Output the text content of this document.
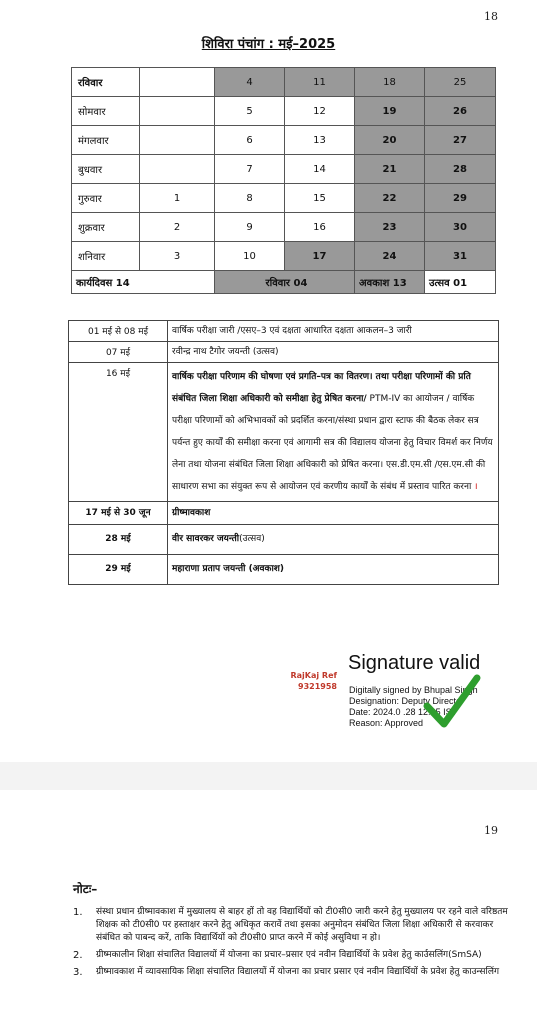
18
शिविरा पंचांग : मई–2025
रविवार		4	11	18	25
सोमवार		5	12	19	26
मंगलवार		6	13	20	27
बुधवार		7	14	21	28
गुरुवार	1	8	15	22	29
शुक्रवार	2	9	16	23	30
शनिवार	3	10	17	24	31
कार्यदिवस 14		रविवार 04		अवकाश 13	उत्सव 01
01 मई से 08 मई	वार्षिक परीक्षा जारी /एसए–3 एवं दक्षता आधारित दक्षता आकलन–3 जारी
07 मई	रवीन्द्र नाथ टैगोर जयन्ती (उत्सव)
16 मई	वार्षिक परीक्षा परिणाम की घोषणा एवं प्रगति–पत्र का वितरण। तथा परीक्षा परिणामों की प्रति संबंधित जिला शिक्षा अधिकारी को समीक्षा हेतु प्रेषित करना/ PTM-IV का आयोजन / वार्षिक परीक्षा परिणामों को अभिभावकों को प्रदर्शित करना/संस्था प्रधान द्वारा स्टाफ की बैठक लेकर सत्र पर्यन्त हुए कार्यों की समीक्षा करना एवं आगामी सत्र की विद्यालय योजना हेतु विचार विमर्श कर निर्णय लेना तथा योजना संबंधित जिला शिक्षा अधिकारी को प्रेषित करना। एस.डी.एम.सी /एस.एम.सी की साधारण सभा का संयुक्त रूप से आयोजन एवं करणीय कार्यों के संबंध में प्रस्ताव पारित करना ।
17 मई से 30 जून	ग्रीष्मावकाश
28 मई	वीर सावरकर जयन्ती(उत्सव)
29 मई	महाराणा प्रताप जयन्ती (अवकाश)
RajKaj Ref
9321958
Signature valid
Digitally signed by Bhupal Singh
Designation: Deputy Director
Date: 2024.0 .28 12:35 IST
Reason: Approved
19
नोटः–
1. संस्था प्रधान ग्रीष्मावकाश में मुख्यालय से बाहर हों तो वह विद्यार्थियों को टी0सी0 जारी करने हेतु मुख्यालय पर रहने वाले वरिष्ठतम शिक्षक को टी0सी0 पर हस्ताक्षर करने हेतु अधिकृत करावें तथा इसका अनुमोदन संबंधित जिला शिक्षा अधिकारी से करवाकर संबंधित को पाबन्द करें, ताकि विद्यार्थियों को टी0सी0 प्राप्त करने में कोई असुविधा न हो।
2. ग्रीष्मकालीन शिक्षा संचालित विद्यालयों में योजना का प्रचार–प्रसार एवं नवीन विद्यार्थियों के प्रवेश हेतु कार्उसलिंग(SmSA)
3. ग्रीष्मावकाश में व्यावसायिक शिक्षा संचालित विद्यालयों में योजना का प्रचार प्रसार एवं नवीन विद्यार्थियों के प्रवेश हेतु काउन्सलिंग
